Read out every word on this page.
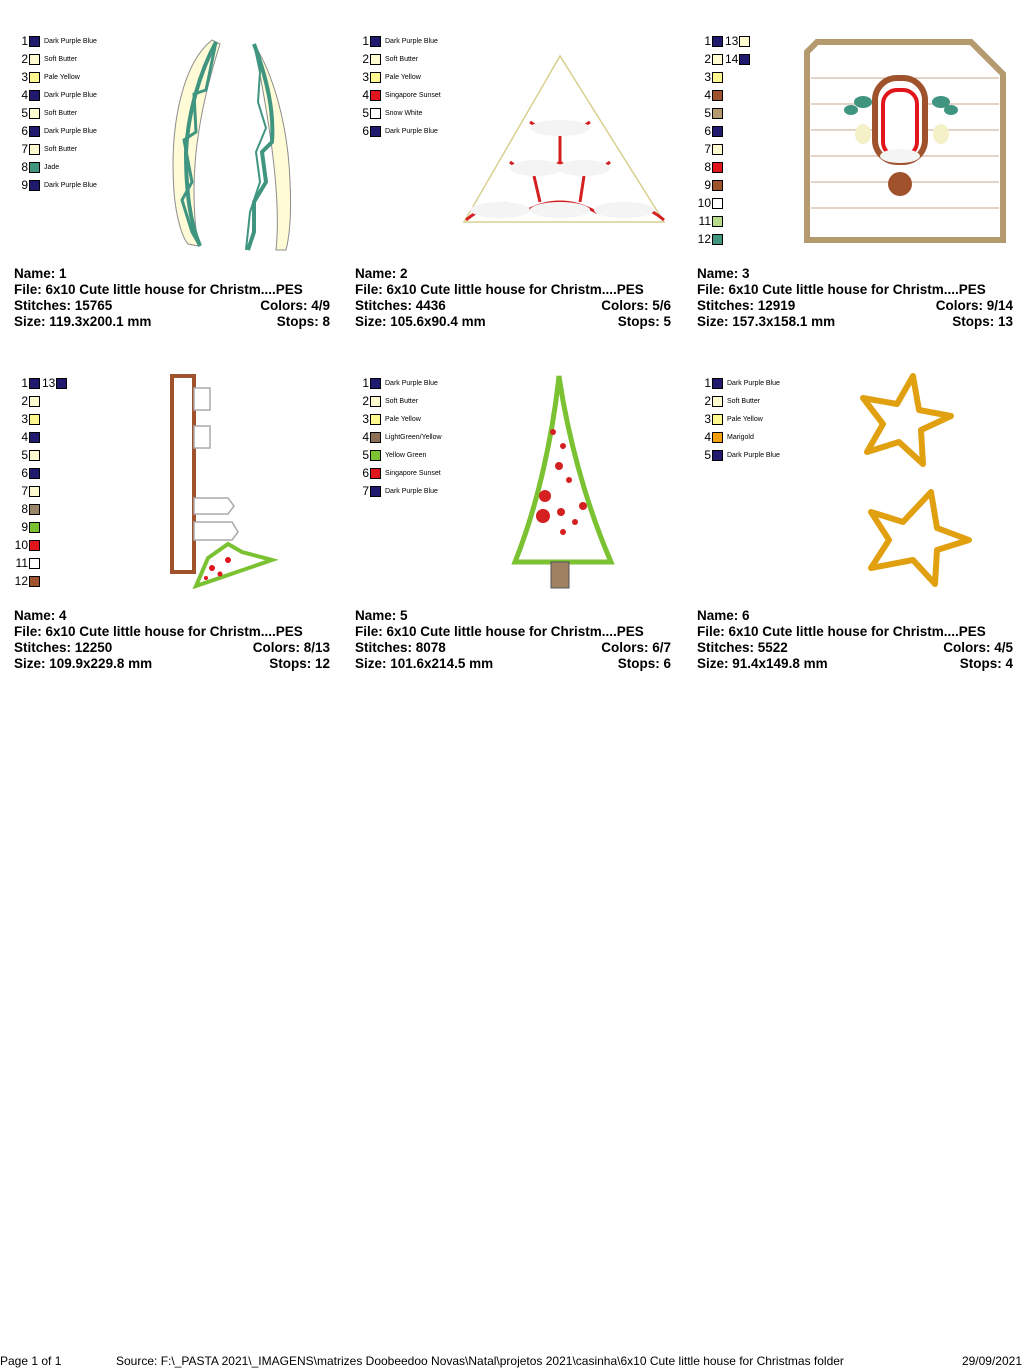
1 Dark Purple Blue
2 Soft Butter
3 Pale Yellow
4 Dark Purple Blue
5 Soft Butter
6 Dark Purple Blue
7 Soft Butter
8 Jade
9 Dark Purple Blue
Name: 1
File: 6x10 Cute little house for Christm....PES
Stitches: 15765	Colors: 4/9
Size: 119.3x200.1 mm	Stops: 8
1 Dark Purple Blue
2 Soft Butter
3 Pale Yellow
4 Singapore Sunset
5 Snow White
6 Dark Purple Blue
Name: 2
File: 6x10 Cute little house for Christm....PES
Stitches: 4436	Colors: 5/6
Size: 105.6x90.4 mm	Stops: 5
1
2
3
4
5
6
7
8
9
10
11
12
13
14
Name: 3
File: 6x10 Cute little house for Christm....PES
Stitches: 12919	Colors: 9/14
Size: 157.3x158.1 mm	Stops: 13
1
2
3
4
5
6
7
8
9
10
11
12
13
Name: 4
File: 6x10 Cute little house for Christm....PES
Stitches: 12250	Colors: 8/13
Size: 109.9x229.8 mm	Stops: 12
1 Dark Purple Blue
2 Soft Butter
3 Pale Yellow
4 LightGreen/Yellow
5 Yellow Green
6 Singapore Sunset
7 Dark Purple Blue
Name: 5
File: 6x10 Cute little house for Christm....PES
Stitches: 8078	Colors: 6/7
Size: 101.6x214.5 mm	Stops: 6
1 Dark Purple Blue
2 Soft Butter
3 Pale Yellow
4 Marigold
5 Dark Purple Blue
Name: 6
File: 6x10 Cute little house for Christm....PES
Stitches: 5522	Colors: 4/5
Size: 91.4x149.8 mm	Stops: 4
Page 1 of 1	Source: F:\_PASTA 2021\_IMAGENS\matrizes Doobeedoo Novas\Natal\projetos 2021\casinha\6x10 Cute little house for Christmas folder	29/09/2021
